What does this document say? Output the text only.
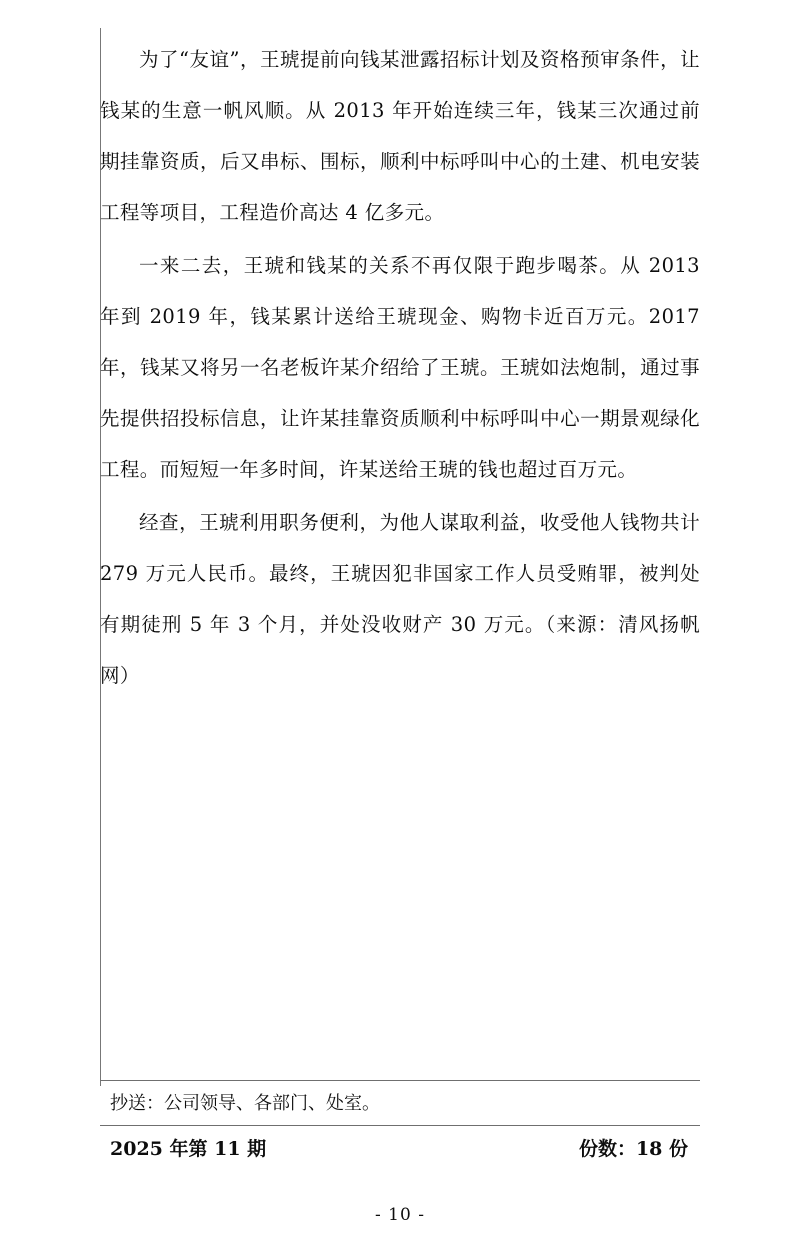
为了“友谊”，王琥提前向钱某泄露招标计划及资格预审条件，让钱某的生意一帆风顺。从 2013 年开始连续三年，钱某三次通过前期挂靠资质，后又串标、围标，顺利中标呼叫中心的土建、机电安装工程等项目，工程造价高达 4 亿多元。

一来二去，王琥和钱某的关系不再仅限于跑步喝茶。从 2013 年到 2019 年，钱某累计送给王琥现金、购物卡近百万元。2017 年，钱某又将另一名老板许某介绍给了王琥。王琥如法炮制，通过事先提供招投标信息，让许某挂靠资质顺利中标呼叫中心一期景观绿化工程。而短短一年多时间，许某送给王琥的钱也超过百万元。

经查，王琥利用职务便利，为他人谋取利益，收受他人钱物共计 279 万元人民币。最终，王琥因犯非国家工作人员受贿罪，被判处有期徒刑 5 年 3 个月，并处没收财产 30 万元。（来源：清风扬帆网）

抄送：公司领导、各部门、处室。
2025 年第 11 期	份数：18 份
- 10 -
